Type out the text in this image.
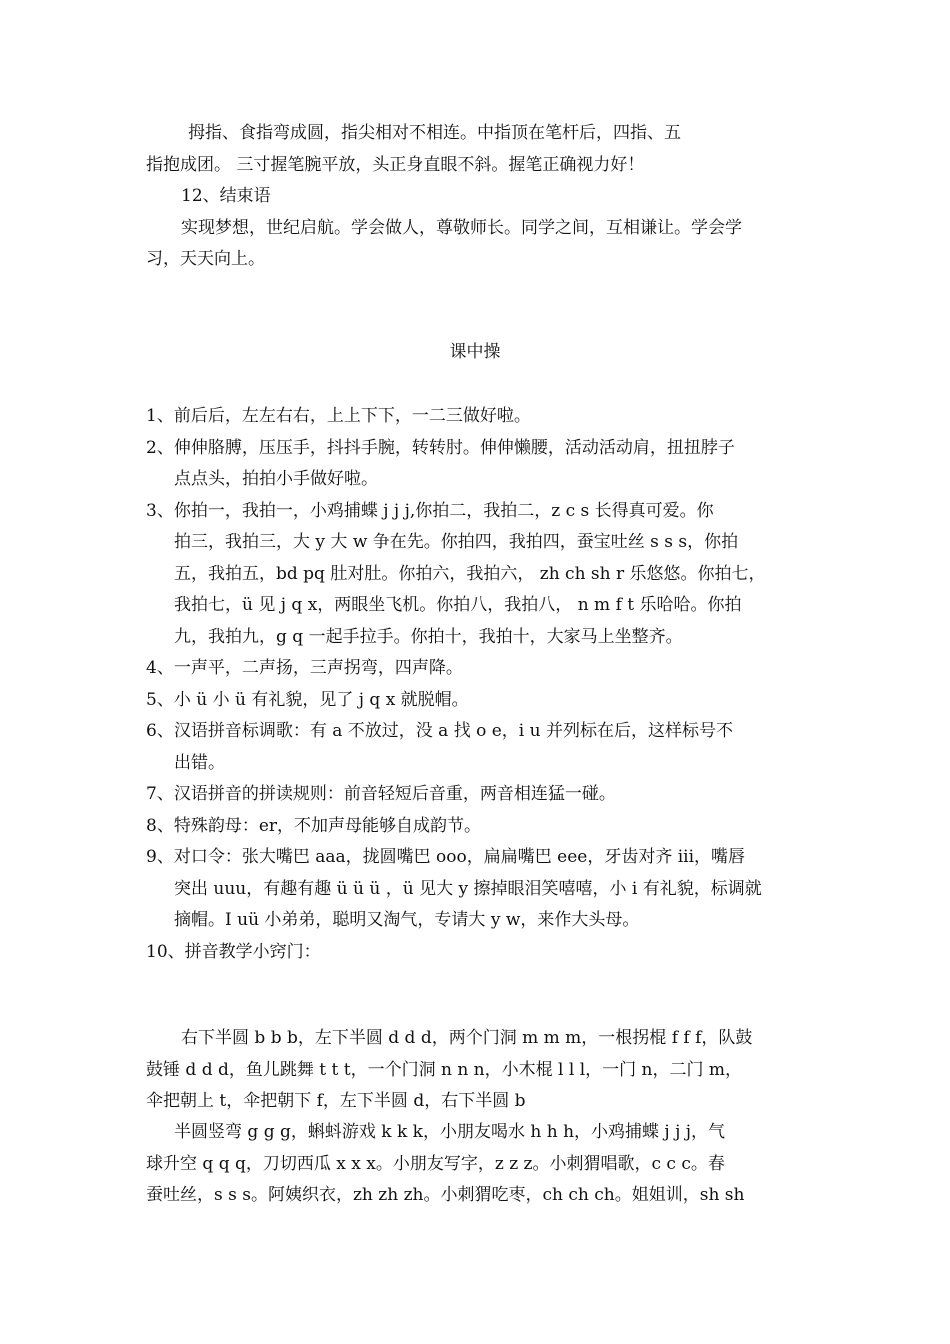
拇指、食指弯成圆，指尖相对不相连。中指顶在笔杆后，四指、五
指抱成团。 三寸握笔腕平放，头正身直眼不斜。握笔正确视力好！
12、结束语
实现梦想，世纪启航。学会做人，尊敬师长。同学之间，互相谦让。学会学
习，天天向上。
课中操
1、前后后，左左右右，上上下下，一二三做好啦。
2、伸伸胳膊，压压手，抖抖手腕，转转肘。伸伸懒腰，活动活动肩，扭扭脖子
点点头，拍拍小手做好啦。
3、你拍一，我拍一，小鸡捕蝶 j j j,你拍二，我拍二，z c s 长得真可爱。你
拍三，我拍三，大 y 大 w 争在先。你拍四，我拍四，蚕宝吐丝 s s s，你拍
五，我拍五，bd pq 肚对肚。你拍六，我拍六， zh ch sh r 乐悠悠。你拍七，
我拍七，ü 见 j q x，两眼坐飞机。你拍八，我拍八， n m f t 乐哈哈。你拍
九，我拍九，g q 一起手拉手。你拍十，我拍十，大家马上坐整齐。
4、一声平，二声扬，三声拐弯，四声降。
5、小 ü 小 ü 有礼貌，见了 j q x 就脱帽。
6、汉语拼音标调歌：有 a 不放过，没 a 找 o e，i u 并列标在后，这样标号不
出错。
7、汉语拼音的拼读规则：前音轻短后音重，两音相连猛一碰。
8、特殊韵母：er，不加声母能够自成韵节。
9、对口令：张大嘴巴 aaa，拢圆嘴巴 ooo，扁扁嘴巴 eee，牙齿对齐 iii，嘴唇
突出 uuu，有趣有趣 ü ü ü ，ü 见大 y 擦掉眼泪笑嘻嘻，小 i 有礼貌，标调就
摘帽。I uü 小弟弟，聪明又淘气，专请大 y w，来作大头母。
10、拼音教学小窍门：
右下半圆 b b b，左下半圆 d d d，两个门洞 m m m，一根拐棍 f f f，队鼓
鼓锤 d d d，鱼儿跳舞 t t t，一个门洞 n n n，小木棍 l l l，一门 n，二门 m，
伞把朝上 t，伞把朝下 f，左下半圆 d，右下半圆 b
半圆竖弯 g g g，蝌蚪游戏 k k k，小朋友喝水 h h h，小鸡捕蝶 j j j，气
球升空 q q q，刀切西瓜 x x x。小朋友写字，z z z。小刺猬唱歌，c c c。春
蚕吐丝，s s s。阿姨织衣，zh zh zh。小刺猬吃枣，ch ch ch。姐姐训，sh sh
